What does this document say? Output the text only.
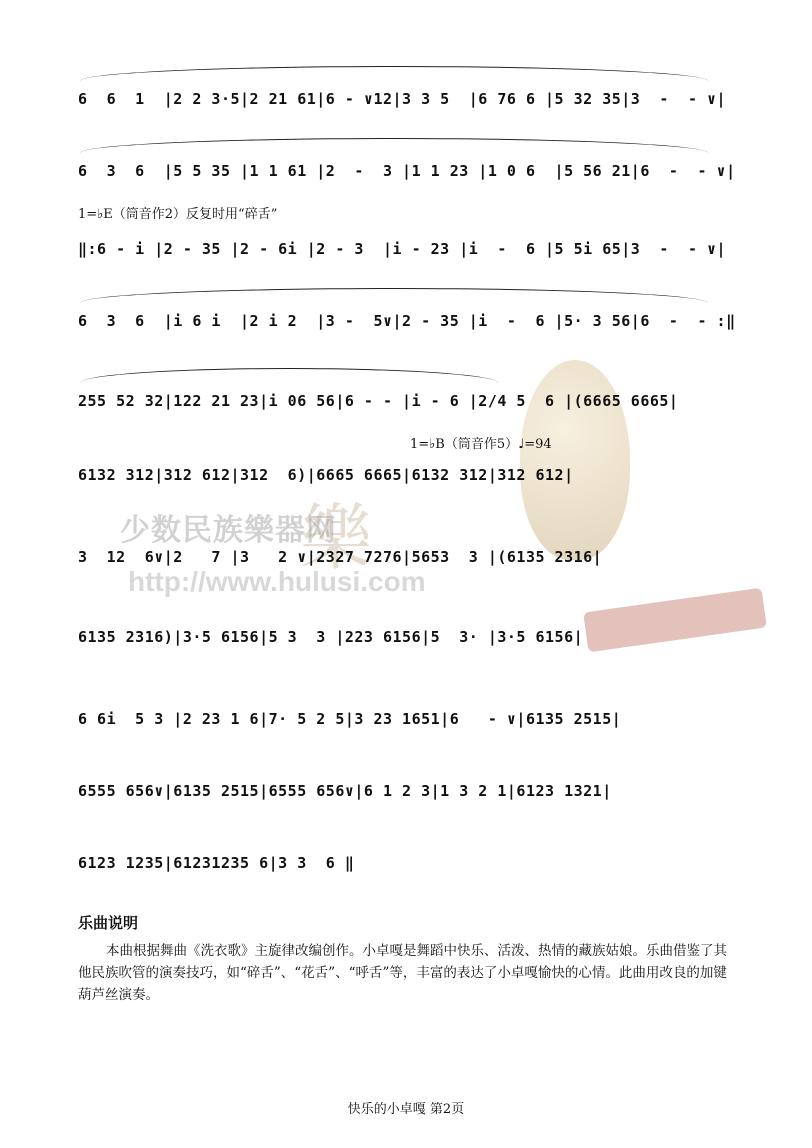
樂
少数民族樂器网
http://www.hulusi.com
6  6  1  |2 2 3·5|2 21 61|6 - ∨12|3 3 5  |6 76 6 |5 32 35|3  -  - ∨|
6  3  6  |5 5 35 |1 1 61 |2  -  3 |1 1 23 |1 0 6  |5 56 21|6  -  - ∨|
1=♭E（筒音作2）反复时用“碎舌”
‖:6 - i |2 - 35 |2 - 6i |2 - 3  |i - 23 |i  -  6 |5 5i 65|3  -  - ∨|
6  3  6  |i 6 i  |2 i 2  |3 -  5∨|2 - 35 |i  -  6 |5· 3 56|6  -  - :‖
255 52 32|122 21 23|i 06 56|6 - - |i - 6 |2/4 5  6 |(6665 6665|
1=♭B（筒音作5）♩=94
6132 312|312 612|312  6)|6665 6665|6132 312|312 612|
3  12  6∨|2   7 |3   2 ∨|2327 7276|5653  3 |(6135 2316|
6135 2316)|3·5 6156|5 3  3 |223 6156|5  3· |3·5 6156|
6 6i  5 3 |2 23 1 6|7· 5 2 5|3 23 1651|6   - ∨|6135 2515|
6555 656∨|6135 2515|6555 656∨|6 1 2 3|1 3 2 1|6123 1321|
6123 1235|61231235 6|3 3  6 ‖
乐曲说明
本曲根据舞曲《洗衣歌》主旋律改编创作。小卓嘎是舞蹈中快乐、活泼、热情的藏族姑娘。乐曲借鉴了其他民族吹管的演奏技巧，如“碎舌”、“花舌”、“呼舌”等，丰富的表达了小卓嘎愉快的心情。此曲用改良的加键葫芦丝演奏。
快乐的小卓嘎 第2页
